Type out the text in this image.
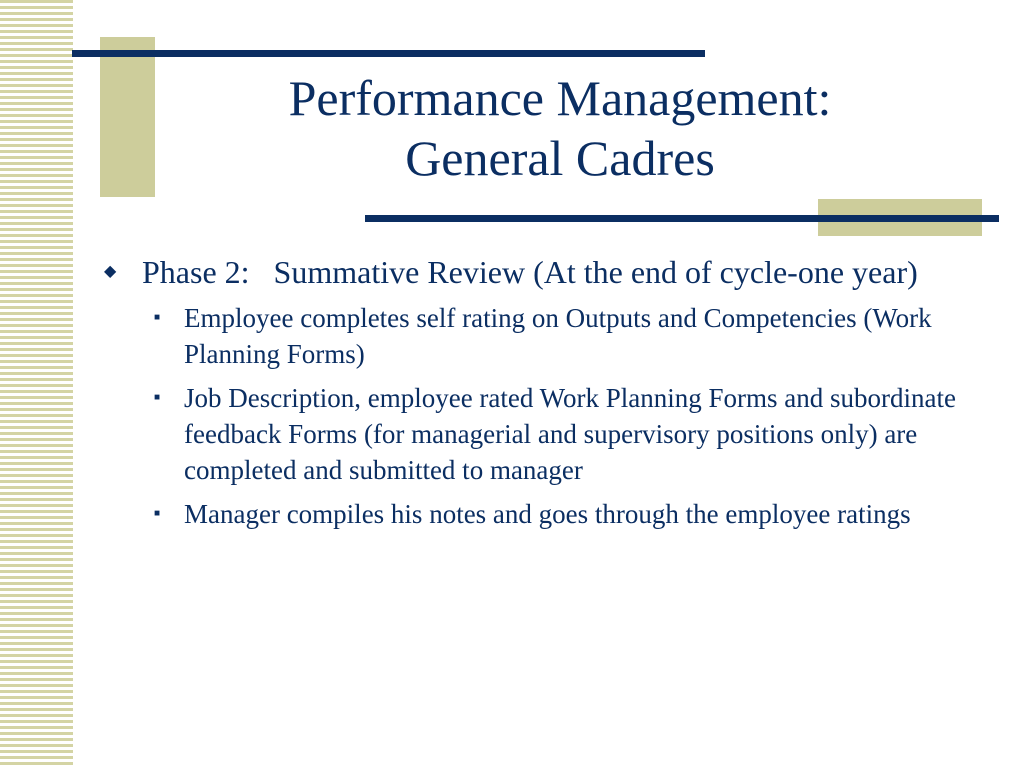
Performance Management:
General Cadres
◆ Phase 2:   Summative Review (At the end of cycle-one year)
■ Employee completes self rating on Outputs and Competencies (Work Planning Forms)
■ Job Description, employee rated Work Planning Forms and subordinate feedback Forms (for managerial and supervisory positions only) are completed and submitted to manager
■ Manager compiles his notes and goes through the employee ratings
